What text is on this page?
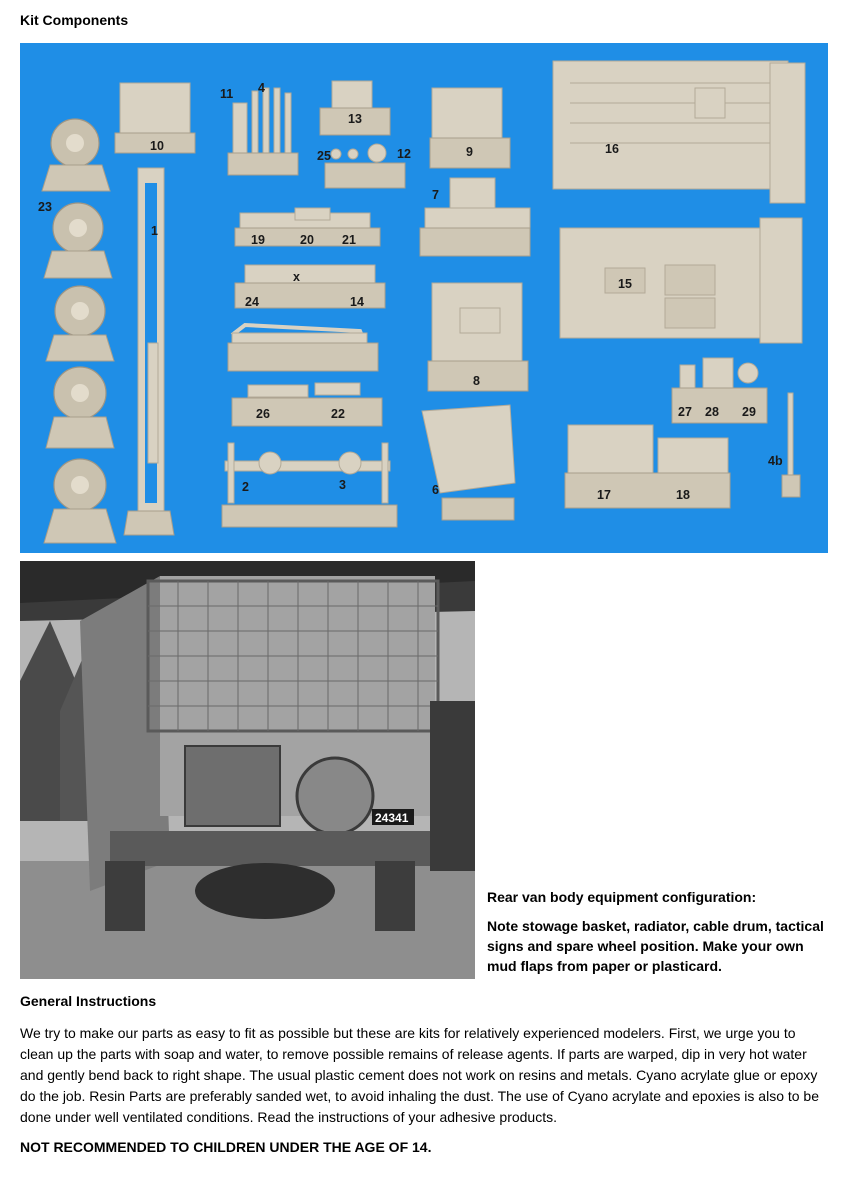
Kit Components
10
11 4
13
25	12	9	16
23
1
19	20 21
7
15
x
24	14
8
26	22	27 28 29
4b
2	3	6	17	18
24341

Rear van body equipment configuration:

Note stowage basket, radiator, cable drum, tactical signs and spare wheel position. Make your own mud flaps from paper or plasticard.

General Instructions

We try to make our parts as easy to fit as possible but these are kits for relatively experienced modelers. First, we urge you to clean up the parts with soap and water, to remove possible remains of release agents. If parts are warped, dip in very hot water and gently bend back to right shape. The usual plastic cement does not work on resins and metals. Cyano acrylate glue or epoxy do the job. Resin Parts are preferably sanded wet, to avoid inhaling the dust. The use of Cyano acrylate and epoxies is also to be done under well ventilated conditions. Read the instructions of your adhesive products.

NOT RECOMMENDED TO CHILDREN UNDER THE AGE OF 14.
